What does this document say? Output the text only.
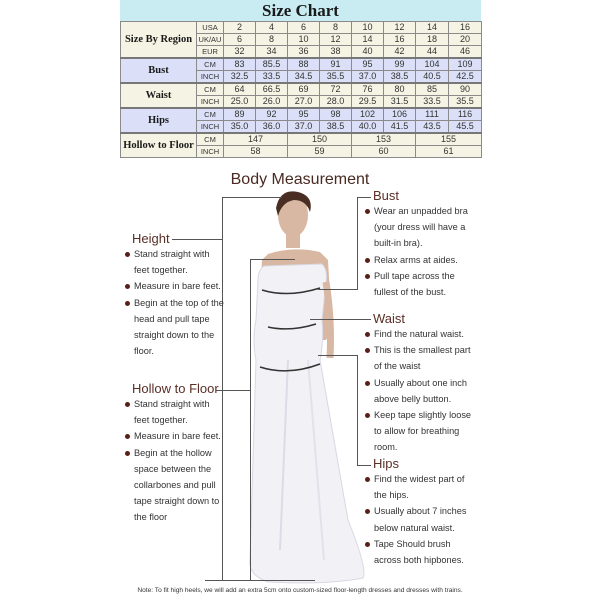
Size Chart
Size By Region	USA	2	4	6	8	10	12	14	16
	UK/AU	6	8	10	12	14	16	18	20
	EUR	32	34	36	38	40	42	44	46
Bust	CM	83	85.5	88	91	95	99	104	109
	INCH	32.5	33.5	34.5	35.5	37.0	38.5	40.5	42.5
Waist	CM	64	66.5	69	72	76	80	85	90
	INCH	25.0	26.0	27.0	28.0	29.5	31.5	33.5	35.5
Hips	CM	89	92	95	98	102	106	111	116
	INCH	35.0	36.0	37.0	38.5	40.0	41.5	43.5	45.5
Hollow to Floor	CM	147		150		153		155	
	INCH	58		59		60		61	
Body Measurement
Height
Stand straight with feet together.
Measure in bare feet.
Begin at the top of the head and pull tape straight down to the floor.
Hollow to Floor
Stand straight with feet together.
Measure in bare feet.
Begin at the hollow space between the collarbones and pull tape straight down to the floor
Bust
Wear an unpadded bra (your dress will have a built-in bra).
Relax arms at aides.
Pull tape across the fullest of the bust.
Waist
Find the natural waist.
This is the smallest part of the waist
Usually about one inch above belly button.
Keep tape slightly loose to allow for breathing room.
Hips
Find the widest part of the hips.
Usually about 7 inches below natural waist.
Tape Should brush across both hipbones.
Note: To fit high heels, we will add an extra 5cm onto custom-sized floor-length dresses and dresses with trains.
